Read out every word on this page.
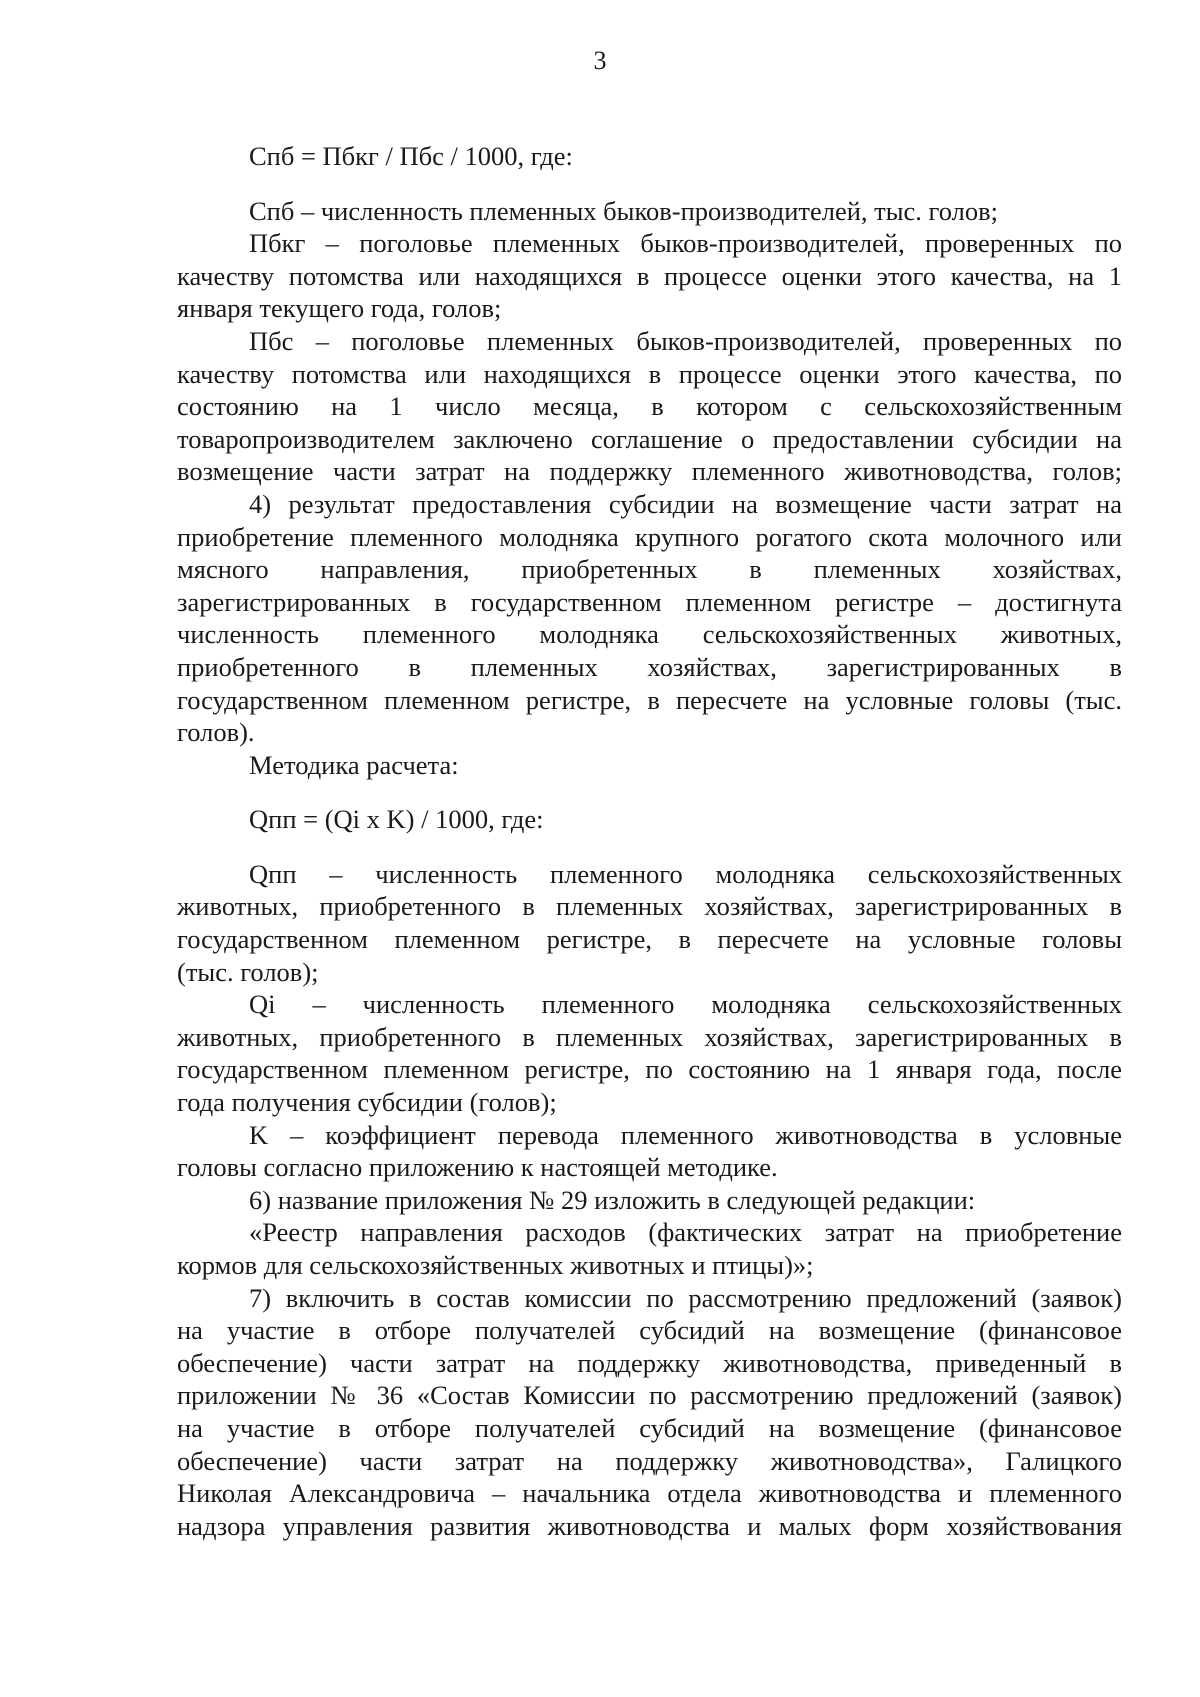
3
Спб = Пбкг / Пбс / 1000, где:
Спб – численность племенных быков-производителей, тыс. голов;
Пбкг – поголовье племенных быков-производителей, проверенных по
качеству потомства или находящихся в процессе оценки этого качества, на 1
января текущего года, голов;
Пбс – поголовье племенных быков-производителей, проверенных по
качеству потомства или находящихся в процессе оценки этого качества, по
состоянию на 1 число месяца, в котором с сельскохозяйственным
товаропроизводителем заключено соглашение о предоставлении субсидии на
возмещение части затрат на поддержку племенного животноводства, голов;
4) результат предоставления субсидии на возмещение части затрат на
приобретение племенного молодняка крупного рогатого скота молочного или
мясного направления, приобретенных в племенных хозяйствах,
зарегистрированных в государственном племенном регистре – достигнута
численность племенного молодняка сельскохозяйственных животных,
приобретенного в племенных хозяйствах, зарегистрированных в
государственном племенном регистре, в пересчете на условные головы (тыс.
голов).
Методика расчета:
Qпп = (Qi х K) / 1000, где:
Qпп – численность племенного молодняка сельскохозяйственных
животных, приобретенного в племенных хозяйствах, зарегистрированных в
государственном племенном регистре, в пересчете на условные головы
(тыс. голов);
Qi – численность племенного молодняка сельскохозяйственных
животных, приобретенного в племенных хозяйствах, зарегистрированных в
государственном племенном регистре, по состоянию на 1 января года, после
года получения субсидии (голов);
K – коэффициент перевода племенного животноводства в условные
головы согласно приложению к настоящей методике.
6) название приложения № 29 изложить в следующей редакции:
«Реестр направления расходов (фактических затрат на приобретение
кормов для сельскохозяйственных животных и птицы)»;
7) включить в состав комиссии по рассмотрению предложений (заявок)
на участие в отборе получателей субсидий на возмещение (финансовое
обеспечение) части затрат на поддержку животноводства, приведенный в
приложении № 36 «Состав Комиссии по рассмотрению предложений (заявок)
на участие в отборе получателей субсидий на возмещение (финансовое
обеспечение) части затрат на поддержку животноводства», Галицкого
Николая Александровича – начальника отдела животноводства и племенного
надзора управления развития животноводства и малых форм хозяйствования
